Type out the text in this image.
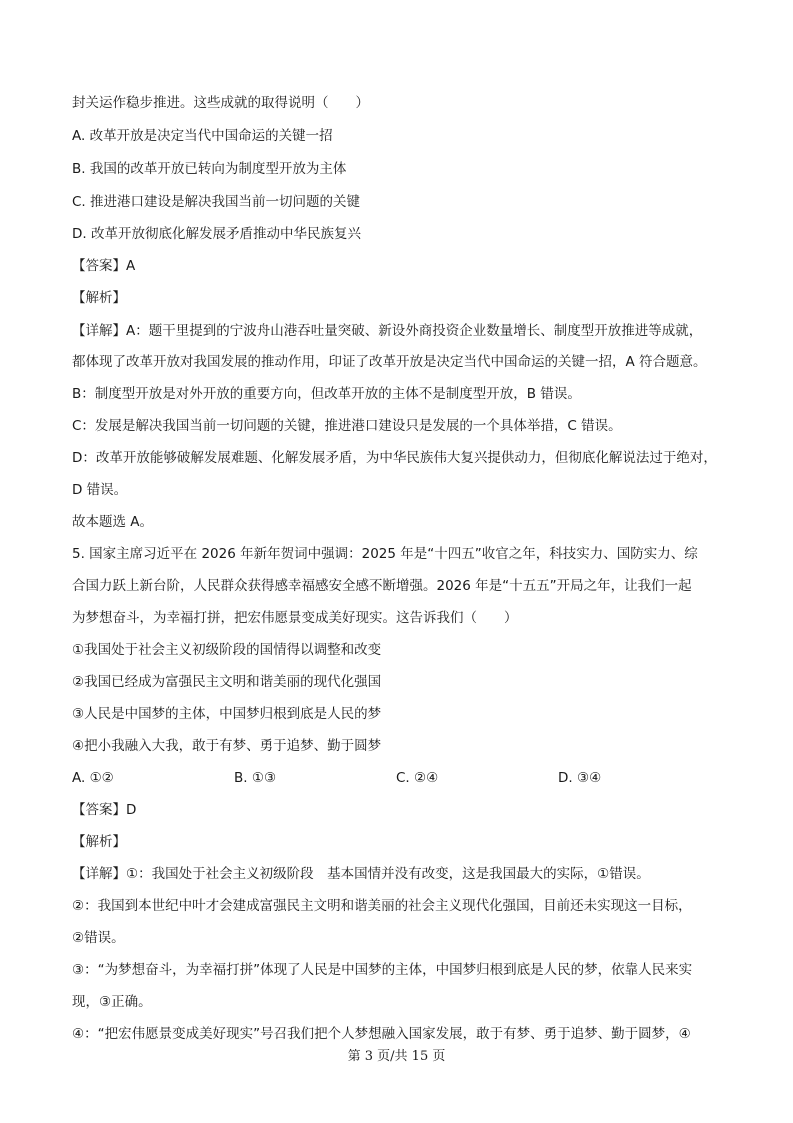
封关运作稳步推进。这些成就的取得说明（　　）
A. 改革开放是决定当代中国命运的关键一招
B. 我国的改革开放已转向为制度型开放为主体
C. 推进港口建设是解决我国当前一切问题的关键
D. 改革开放彻底化解发展矛盾推动中华民族复兴
【答案】A
【解析】
【详解】A：题干里提到的宁波舟山港吞吐量突破、新设外商投资企业数量增长、制度型开放推进等成就，
都体现了改革开放对我国发展的推动作用，印证了改革开放是决定当代中国命运的关键一招，A 符合题意。
B：制度型开放是对外开放的重要方向，但改革开放的主体不是制度型开放，B 错误。
C：发展是解决我国当前一切问题的关键，推进港口建设只是发展的一个具体举措，C 错误。
D：改革开放能够破解发展难题、化解发展矛盾，为中华民族伟大复兴提供动力，但彻底化解说法过于绝对，
D 错误。
故本题选 A。
5. 国家主席习近平在 2026 年新年贺词中强调：2025 年是“十四五”收官之年，科技实力、国防实力、综
合国力跃上新台阶，人民群众获得感幸福感安全感不断增强。2026 年是“十五五”开局之年，让我们一起
为梦想奋斗，为幸福打拼，把宏伟愿景变成美好现实。这告诉我们（　　）
①我国处于社会主义初级阶段的国情得以调整和改变
②我国已经成为富强民主文明和谐美丽的现代化强国
③人民是中国梦的主体，中国梦归根到底是人民的梦
④把小我融入大我，敢于有梦、勇于追梦、勤于圆梦
A. ①②	B. ①③	C. ②④	D. ③④
【答案】D
【解析】
【详解】①：我国处于社会主义初级阶段　基本国情并没有改变，这是我国最大的实际，①错误。
②：我国到本世纪中叶才会建成富强民主文明和谐美丽的社会主义现代化强国，目前还未实现这一目标，
②错误。
③：“为梦想奋斗，为幸福打拼”体现了人民是中国梦的主体，中国梦归根到底是人民的梦，依靠人民来实
现，③正确。
④：“把宏伟愿景变成美好现实”号召我们把个人梦想融入国家发展，敢于有梦、勇于追梦、勤于圆梦，④
第 3 页/共 15 页
